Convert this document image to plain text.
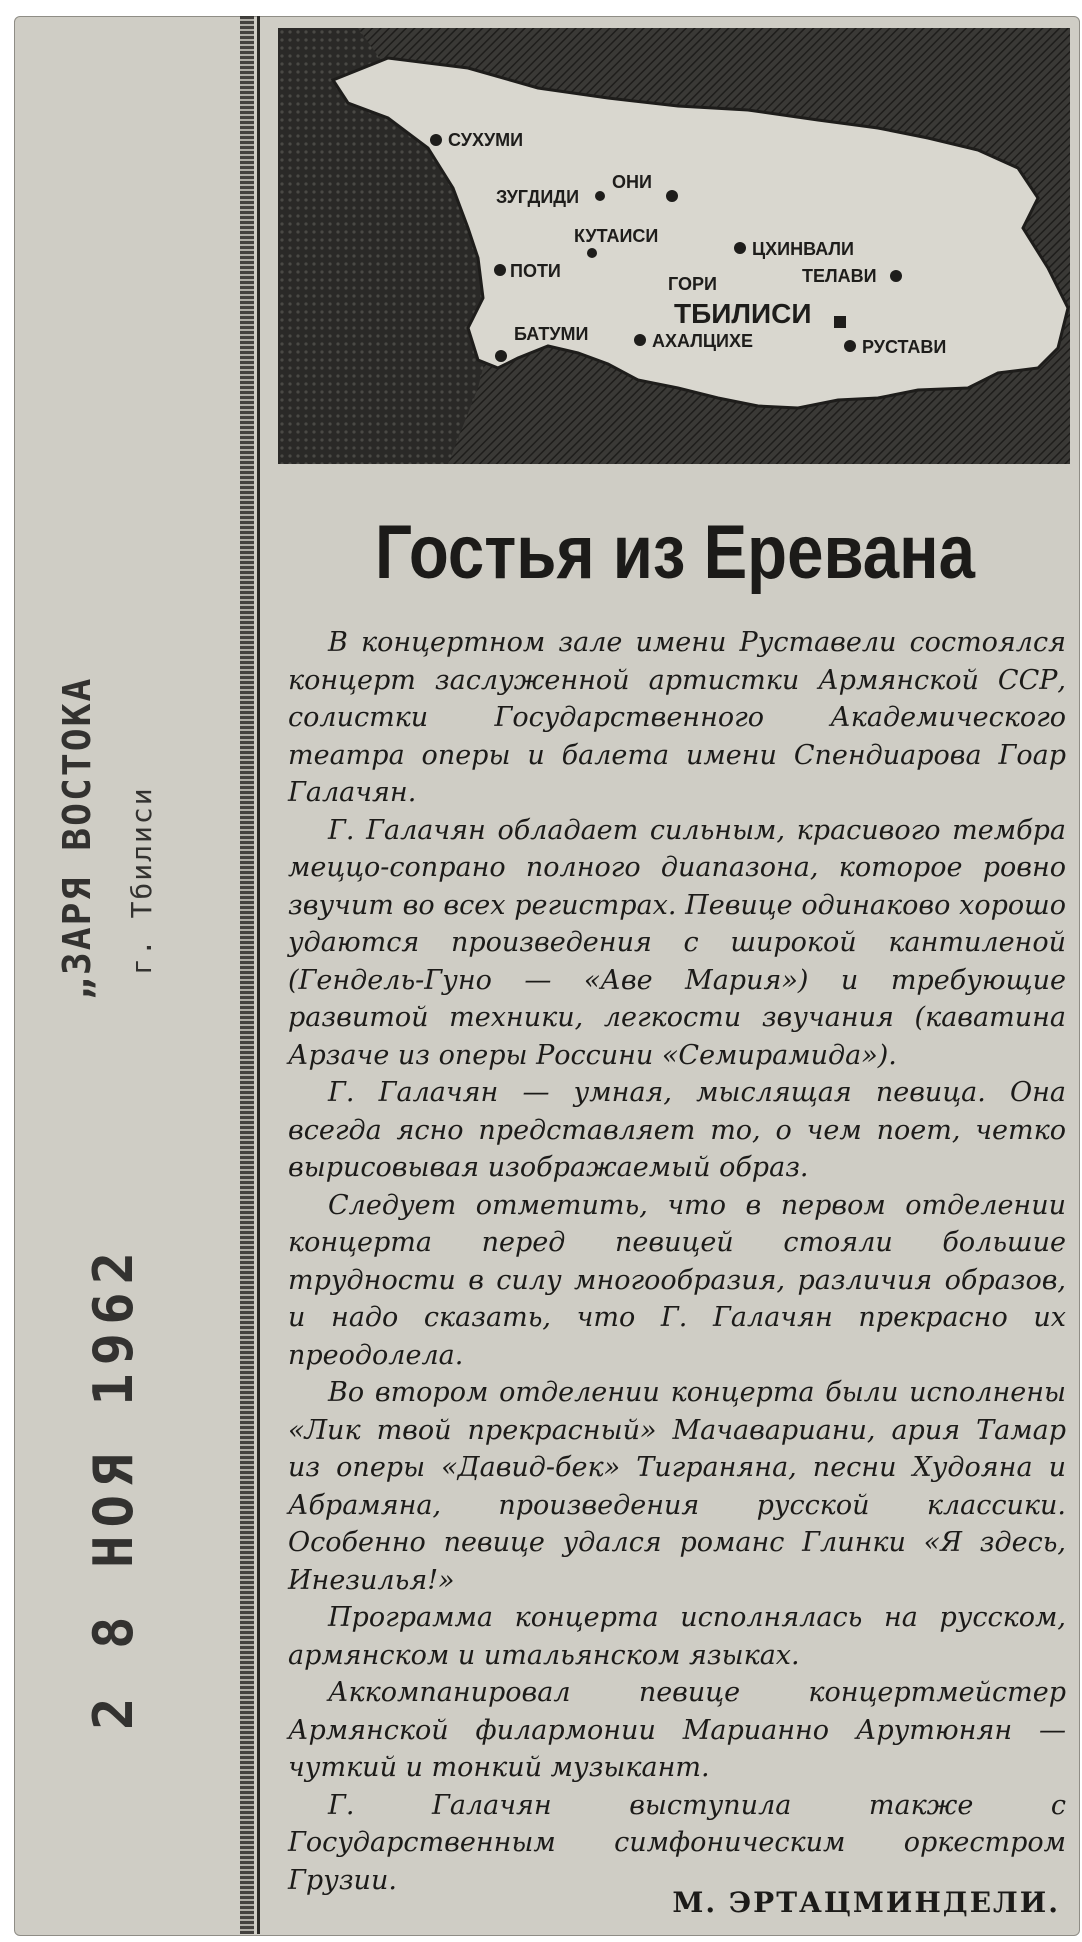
„ЗАРЯ ВОСТОКА г. Тбилиси
2 8 НОЯ 1962
СУХУМИ
ЗУГДИДИ
ОНИ
КУТАИСИ
ПОТИ
ЦХИНВАЛИ
ТЕЛАВИ
ГОРИ
ТБИЛИСИ
БАТУМИ	АХАЛЦИХЕ	РУСТАВИ
Гостья из Еревана

В концертном зале имени Руставели состоялся концерт заслуженной артистки Армянской ССР, солистки Государственного Академического театра оперы и балета имени Спендиарова Гоар Галачян.

Г. Галачян обладает сильным, красивого тембра меццо-сопрано полного диапазона, которое ровно звучит во всех регистрах. Певице одинаково хорошо удаются произведения с широкой кантиленой (Гендель-Гуно — «Аве Мария») и требующие развитой техники, легкости звучания (каватина Арзаче из оперы Россини «Семирамида»).

Г. Галачян — умная, мыслящая певица. Она всегда ясно представляет то, о чем поет, четко вырисовывая изображаемый образ.

Следует отметить, что в первом отделении концерта перед певицей стояли большие трудности в силу многообразия, различия образов, и надо сказать, что Г. Галачян прекрасно их преодолела.

Во втором отделении концерта были исполнены «Лик твой прекрасный» Мачавариани, ария Тамар из оперы «Давид-бек» Тиграняна, песни Худояна и Абрамяна, произведения русской классики. Особенно певице удался романс Глинки «Я здесь, Инезилья!»

Программа концерта исполнялась на русском, армянском и итальянском языках.

Аккомпанировал певице концертмейстер Армянской филармонии Марианно Арутюнян — чуткий и тонкий музыкант.

Г. Галачян выступила также с Государственным симфоническим оркестром Грузии.

М. ЭРТАЦМИНДЕЛИ.
